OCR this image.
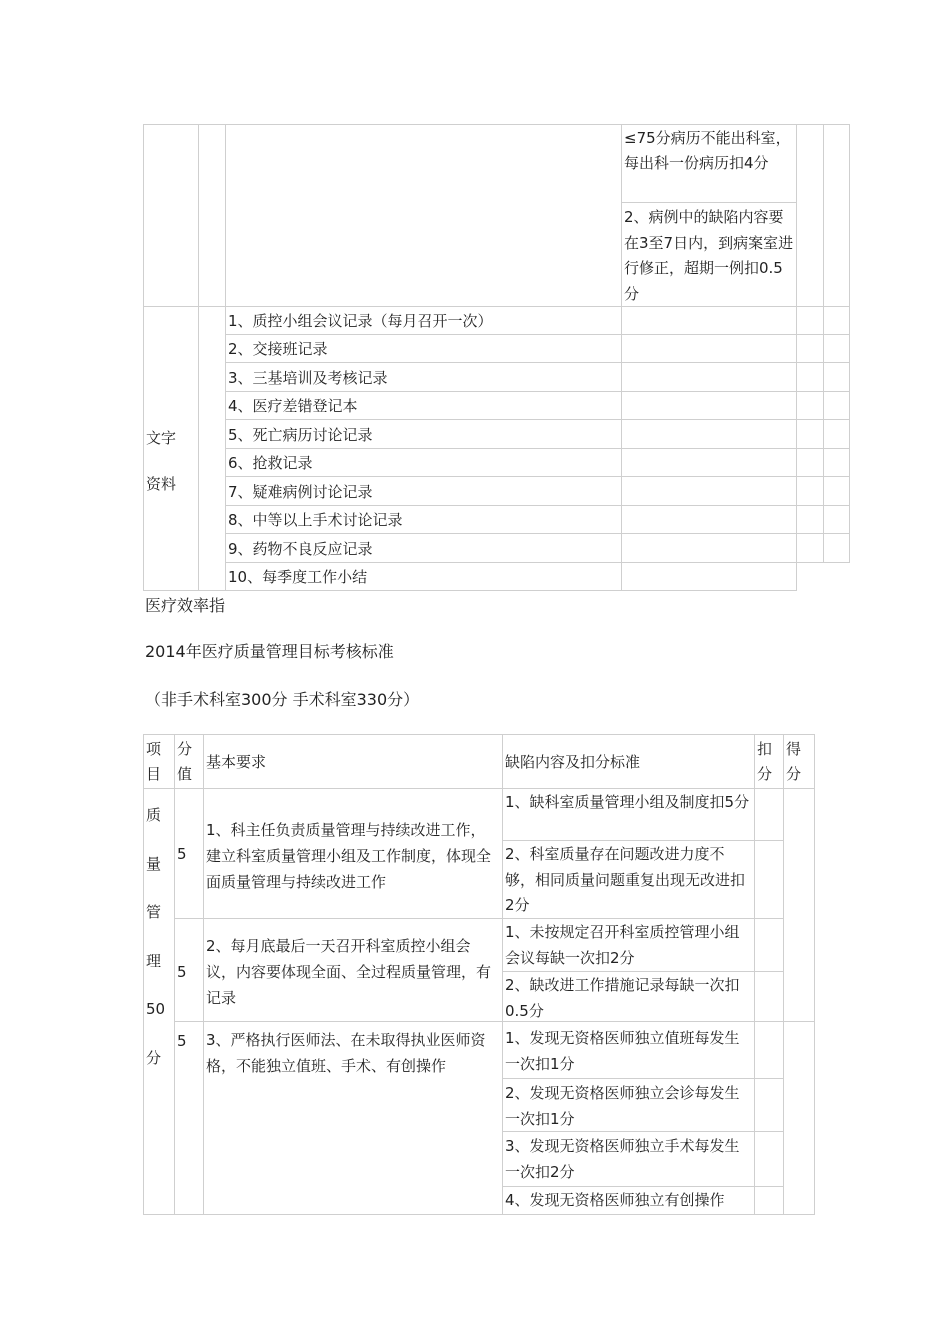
≤75分病历不能出科室，每出科一份病历扣4分
2、病例中的缺陷内容要在3至7日内，到病案室进行修正，超期一例扣0.5分
文字
资料
1、质控小组会议记录（每月召开一次）
2、交接班记录
3、三基培训及考核记录
4、医疗差错登记本
5、死亡病历讨论记录
6、抢救记录
7、疑难病例讨论记录
8、中等以上手术讨论记录
9、药物不良反应记录
10、每季度工作小结
医疗效率指
2014年医疗质量管理目标考核标准
（非手术科室300分 手术科室330分）
项目
分值
基本要求	缺陷内容及扣分标准
扣分
得分
质
量
管
理
50
分
5
1、科主任负责质量管理与持续改进工作，建立科室质量管理小组及工作制度，体现全面质量管理与持续改进工作
1、缺科室质量管理小组及制度扣5分
2、科室质量存在问题改进力度不够，相同质量问题重复出现无改进扣2分
5
2、每月底最后一天召开科室质控小组会议，内容要体现全面、全过程质量管理，有记录
1、未按规定召开科室质控管理小组会议每缺一次扣2分
2、缺改进工作措施记录每缺一次扣0.5分
5 3、严格执行医师法、在未取得执业医师资格，不能独立值班、手术、有创操作
1、发现无资格医师独立值班每发生一次扣1分
2、发现无资格医师独立会诊每发生一次扣1分
3、发现无资格医师独立手术每发生一次扣2分
4、发现无资格医师独立有创操作
